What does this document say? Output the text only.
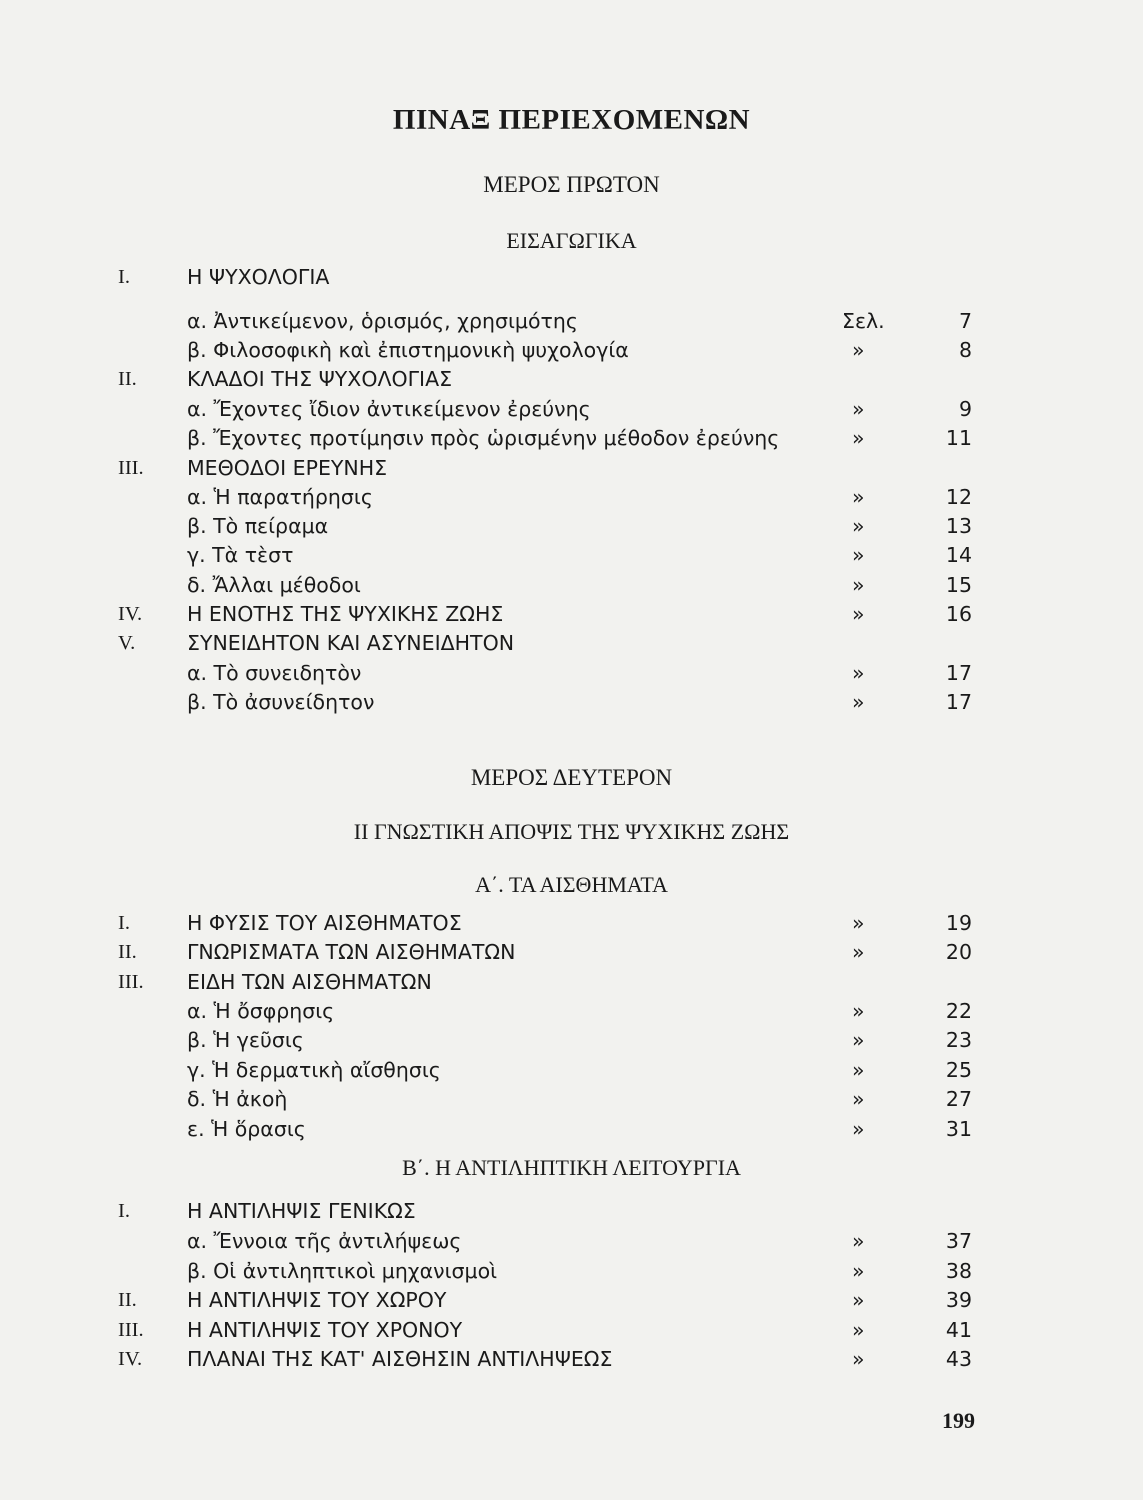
ΠΙΝΑΞ ΠΕΡΙΕΧΟΜΕΝΩΝ
ΜΕΡΟΣ ΠΡΩΤΟΝ
ΕΙΣΑΓΩΓΙΚΑ
I.	Η ΨΥΧΟΛΟΓΙΑ
α. Ἀντικείμενον, ὁρισμός, χρησιμότης	Σελ.	7
β. Φιλοσοφικὴ καὶ ἐπιστημονικὴ ψυχολογία	»	8
II. ΚΛΑΔΟΙ ΤΗΣ ΨΥΧΟΛΟΓΙΑΣ
α. Ἔχοντες ἴδιον ἀντικείμενον ἐρεύνης	»	9
β. Ἔχοντες προτίμησιν πρὸς ὡρισμένην μέθοδον ἐρεύνης	»	11
III. ΜΕΘΟΔΟΙ ΕΡΕΥΝΗΣ
α. Ἡ παρατήρησις	»	12
β. Τὸ πείραμα	»	13
γ. Τὰ τὲστ	»	14
δ. Ἄλλαι μέθοδοι	»	15
IV. Η ΕΝΟΤΗΣ ΤΗΣ ΨΥΧΙΚΗΣ ΖΩΗΣ	»	16
V.	ΣΥΝΕΙΔΗΤΟΝ ΚΑΙ ΑΣΥΝΕΙΔΗΤΟΝ
α. Τὸ συνειδητὸν	»	17
β. Τὸ ἀσυνείδητον	»	17
ΜΕΡΟΣ ΔΕΥΤΕΡΟΝ
ΙΙ ΓΝΩΣΤΙΚΗ ΑΠΟΨΙΣ ΤΗΣ ΨΥΧΙΚΗΣ ΖΩΗΣ
Α΄. ΤΑ ΑΙΣΘΗΜΑΤΑ
I.	Η ΦΥΣΙΣ ΤΟΥ ΑΙΣΘΗΜΑΤΟΣ	»	19
II. ΓΝΩΡΙΣΜΑΤΑ ΤΩΝ ΑΙΣΘΗΜΑΤΩΝ	»	20
III. ΕΙΔΗ ΤΩΝ ΑΙΣΘΗΜΑΤΩΝ
α. Ἡ ὄσφρησις	»	22
β. Ἡ γεῦσις	»	23
γ. Ἡ δερματικὴ αἴσθησις	»	25
δ. Ἡ ἀκοὴ	»	27
ε. Ἡ ὅρασις	»	31
Β΄. Η ΑΝΤΙΛΗΠΤΙΚΗ ΛΕΙΤΟΥΡΓΙΑ
I.	Η ΑΝΤΙΛΗΨΙΣ ΓΕΝΙΚΩΣ
α. Ἔννοια τῆς ἀντιλήψεως	»	37
β. Οἱ ἀντιληπτικοὶ μηχανισμοὶ	»	38
II. Η ΑΝΤΙΛΗΨΙΣ ΤΟΥ ΧΩΡΟΥ	»	39
III. Η ΑΝΤΙΛΗΨΙΣ ΤΟΥ ΧΡΟΝΟΥ	»	41
IV. ΠΛΑΝΑΙ ΤΗΣ ΚΑΤ' ΑΙΣΘΗΣΙΝ ΑΝΤΙΛΗΨΕΩΣ	»	43
199
